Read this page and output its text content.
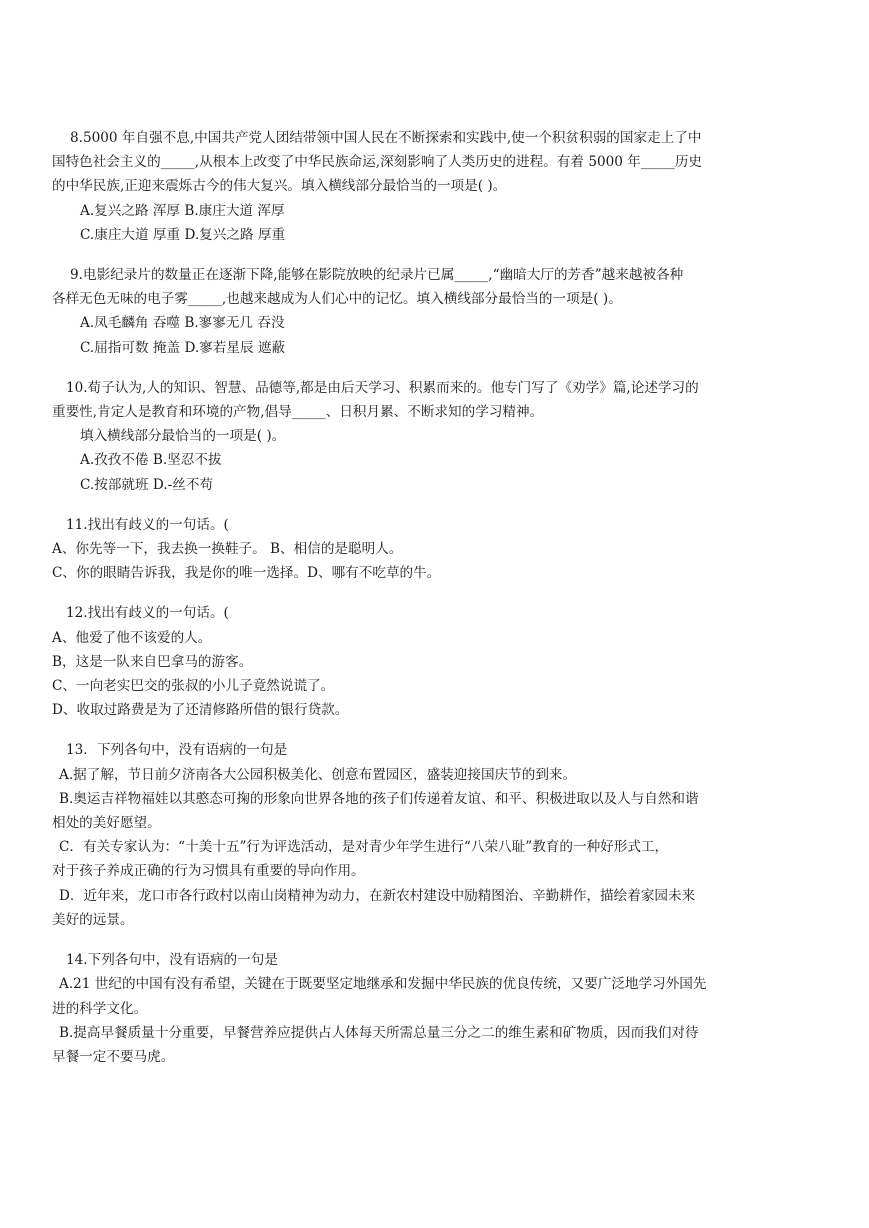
8.5000 年自强不息,中国共产党人团结带领中国人民在不断探索和实践中,使一个积贫积弱的国家走上了中
国特色社会主义的_____,从根本上改变了中华民族命运,深刻影响了人类历史的进程。有着 5000 年_____历史
的中华民族,正迎来震烁古今的伟大复兴。填入横线部分最恰当的一项是( )。
A.复兴之路 浑厚 B.康庄大道 浑厚
C.康庄大道 厚重 D.复兴之路 厚重
9.电影纪录片的数量正在逐渐下降,能够在影院放映的纪录片已属_____,“幽暗大厅的芳香”越来越被各种
各样无色无味的电子雾_____,也越来越成为人们心中的记忆。填入横线部分最恰当的一项是( )。
A.凤毛麟角 吞噬 B.寥寥无几 吞没
C.屈指可数 掩盖 D.寥若星辰 遮蔽
10.荀子认为,人的知识、智慧、品德等,都是由后天学习、积累而来的。他专门写了《劝学》篇,论述学习的
重要性,肯定人是教育和环境的产物,倡导_____、日积月累、不断求知的学习精神。
填入横线部分最恰当的一项是( )。
A.孜孜不倦 B.坚忍不拔
C.按部就班 D.-丝不苟
11.找出有歧义的一句话。(
A、你先等一下，我去换一换鞋子。 B、相信的是聪明人。
C、你的眼睛告诉我，我是你的唯一选择。D、哪有不吃草的牛。
12.找出有歧义的一句话。(
A、他爱了他不该爱的人。
B，这是一队来自巴拿马的游客。
C、一向老实巴交的张叔的小儿子竟然说谎了。
D、收取过路费是为了还清修路所借的银行贷款。
13．下列各句中，没有语病的一句是
A.据了解，节日前夕济南各大公园积极美化、创意布置园区，盛装迎接国庆节的到来。
B.奥运吉祥物福娃以其憨态可掬的形象向世界各地的孩子们传递着友谊、和平、积极进取以及人与自然和谐
相处的美好愿望。
C．有关专家认为：“十美十五”行为评选活动，是对青少年学生进行“八荣八耻”教育的一种好形式工，
对于孩子养成正确的行为习惯具有重要的导向作用。
D．近年来，龙口市各行政村以南山岗精神为动力，在新农村建设中励精图治、辛勤耕作，描绘着家园未来
美好的远景。
14.下列各句中，没有语病的一句是
A.21 世纪的中国有没有希望，关键在于既要坚定地继承和发掘中华民族的优良传统，又要广泛地学习外国先
进的科学文化。
B.提高早餐质量十分重要，早餐营养应提供占人体每天所需总量三分之二的维生素和矿物质，因而我们对待
早餐一定不要马虎。
